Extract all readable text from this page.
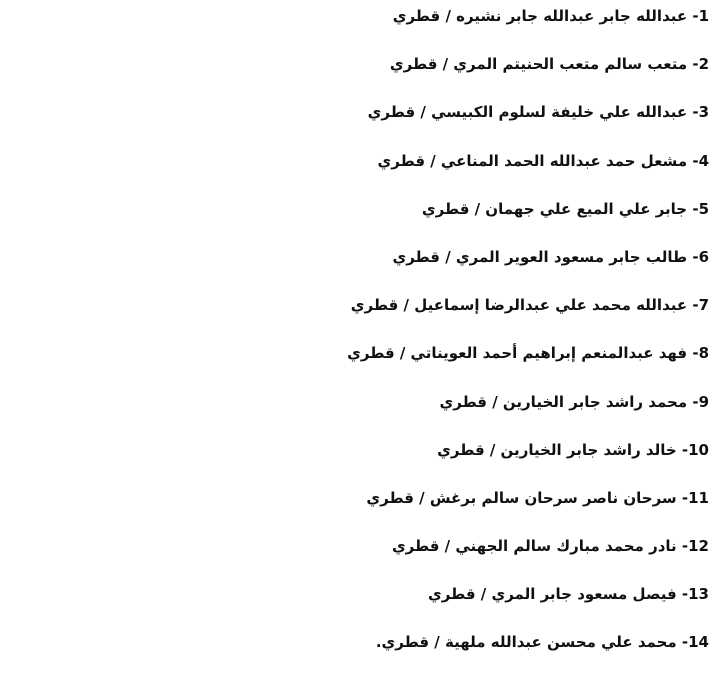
1- عبدالله جابر عبدالله جابر نشيره / قطري
2- متعب سالم متعب الحنيتم المري / قطري
3- عبدالله علي خليفة لسلوم الكبيسي / قطري
4- مشعل حمد عبدالله الحمد المناعي / قطري
5- جابر علي الميع علي جهمان / قطري
6- طالب جابر مسعود العوير المري / قطري
7- عبدالله محمد علي عبدالرضا إسماعيل / قطري
8- فهد عبدالمنعم إبراهيم أحمد العويناتي / قطري
9- محمد راشد جابر الخيارين / قطري
10- خالد راشد جابر الخيارين / قطري
11- سرحان ناصر سرحان سالم برغش / قطري
12- نادر محمد مبارك سالم الجهني / قطري
13- فيصل مسعود جابر المري / قطري
14- محمد علي محسن عبدالله ملهية / قطري.
